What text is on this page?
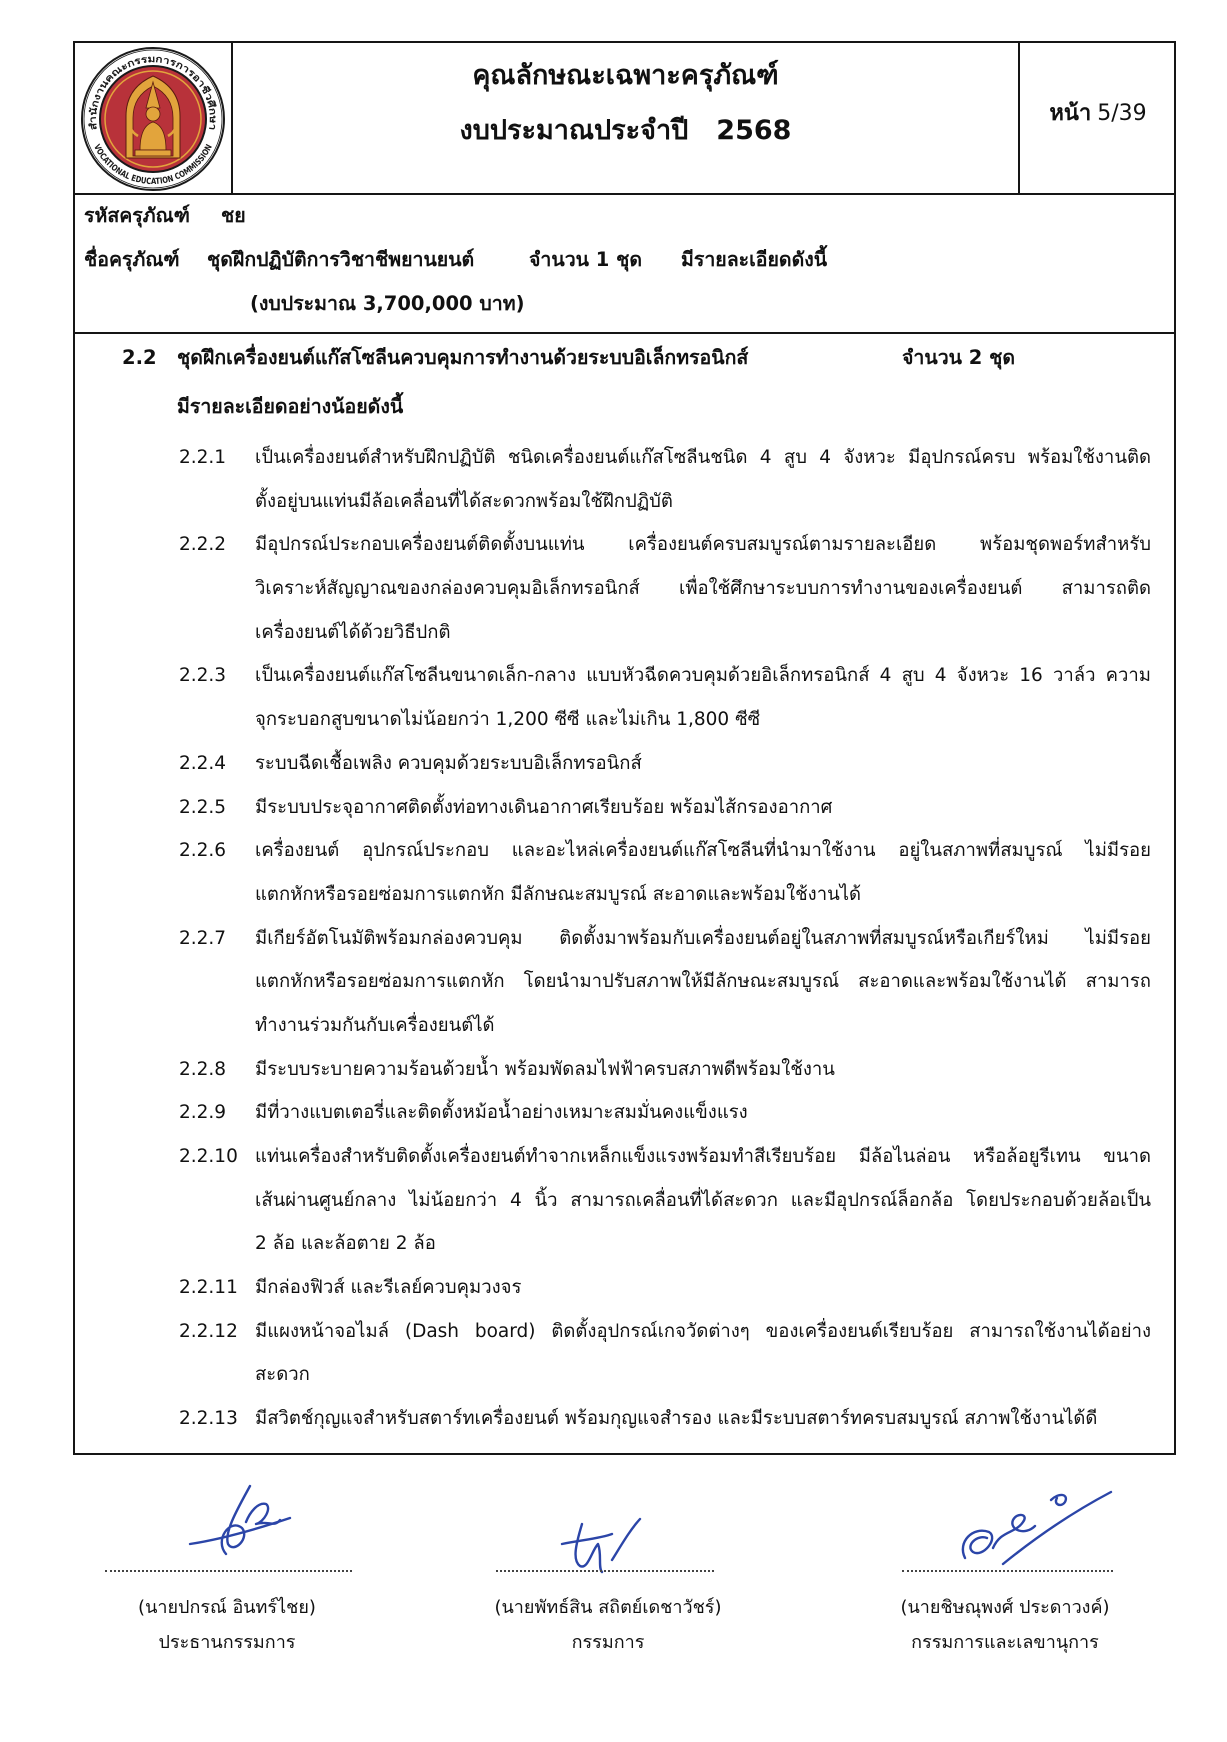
สำนักงานคณะกรรมการการอาชีวศึกษา
VOCATIONAL EDUCATION COMMISSION
คุณลักษณะเฉพาะครุภัณฑ์
งบประมาณประจำปี 2568
หน้า 5/39
รหัสครุภัณฑ์	ชย
ชื่อครุภัณฑ์	ชุดฝึกปฏิบัติการวิชาชีพยานยนต์	จำนวน 1 ชุด	มีรายละเอียดดังนี้
(งบประมาณ 3,700,000 บาท)
2.2	ชุดฝึกเครื่องยนต์แก๊สโซลีนควบคุมการทำงานด้วยระบบอิเล็กทรอนิกส์	จำนวน 2 ชุด
มีรายละเอียดอย่างน้อยดังนี้
2.2.1	เป็นเครื่องยนต์สำหรับฝึกปฏิบัติ ชนิดเครื่องยนต์แก๊สโซลีนชนิด 4 สูบ 4 จังหวะ มีอุปกรณ์ครบ พร้อมใช้งานติด
ตั้งอยู่บนแท่นมีล้อเคลื่อนที่ได้สะดวกพร้อมใช้ฝึกปฏิบัติ
2.2.2	มีอุปกรณ์ประกอบเครื่องยนต์ติดตั้งบนแท่น เครื่องยนต์ครบสมบูรณ์ตามรายละเอียด พร้อมชุดพอร์ทสำหรับ
วิเคราะห์สัญญาณของกล่องควบคุมอิเล็กทรอนิกส์ เพื่อใช้ศึกษาระบบการทำงานของเครื่องยนต์ สามารถติด
เครื่องยนต์ได้ด้วยวิธีปกติ
2.2.3	เป็นเครื่องยนต์แก๊สโซลีนขนาดเล็ก-กลาง แบบหัวฉีดควบคุมด้วยอิเล็กทรอนิกส์ 4 สูบ 4 จังหวะ 16 วาล์ว ความ
จุกระบอกสูบขนาดไม่น้อยกว่า 1,200 ซีซี และไม่เกิน 1,800 ซีซี
2.2.4	ระบบฉีดเชื้อเพลิง ควบคุมด้วยระบบอิเล็กทรอนิกส์
2.2.5	มีระบบประจุอากาศติดตั้งท่อทางเดินอากาศเรียบร้อย พร้อมไส้กรองอากาศ
2.2.6	เครื่องยนต์ อุปกรณ์ประกอบ และอะไหล่เครื่องยนต์แก๊สโซลีนที่นำมาใช้งาน อยู่ในสภาพที่สมบูรณ์ ไม่มีรอย
แตกหักหรือรอยซ่อมการแตกหัก มีลักษณะสมบูรณ์ สะอาดและพร้อมใช้งานได้
2.2.7	มีเกียร์อัตโนมัติพร้อมกล่องควบคุม ติดตั้งมาพร้อมกับเครื่องยนต์อยู่ในสภาพที่สมบูรณ์หรือเกียร์ใหม่ ไม่มีรอย
แตกหักหรือรอยซ่อมการแตกหัก โดยนำมาปรับสภาพให้มีลักษณะสมบูรณ์ สะอาดและพร้อมใช้งานได้ สามารถ
ทำงานร่วมกันกับเครื่องยนต์ได้
2.2.8	มีระบบระบายความร้อนด้วยน้ำ พร้อมพัดลมไฟฟ้าครบสภาพดีพร้อมใช้งาน
2.2.9	มีที่วางแบตเตอรี่และติดตั้งหม้อน้ำอย่างเหมาะสมมั่นคงแข็งแรง
2.2.10 แท่นเครื่องสำหรับติดตั้งเครื่องยนต์ทำจากเหล็กแข็งแรงพร้อมทำสีเรียบร้อย มีล้อไนล่อน หรือล้อยูรีเทน ขนาด
เส้นผ่านศูนย์กลาง ไม่น้อยกว่า 4 นิ้ว สามารถเคลื่อนที่ได้สะดวก และมีอุปกรณ์ล็อกล้อ โดยประกอบด้วยล้อเป็น
2 ล้อ และล้อตาย 2 ล้อ
2.2.11 มีกล่องฟิวส์ และรีเลย์ควบคุมวงจร
2.2.12 มีแผงหน้าจอไมล์ (Dash board) ติดตั้งอุปกรณ์เกจวัดต่างๆ ของเครื่องยนต์เรียบร้อย สามารถใช้งานได้อย่าง
สะดวก
2.2.13 มีสวิตช์กุญแจสำหรับสตาร์ทเครื่องยนต์ พร้อมกุญแจสำรอง และมีระบบสตาร์ทครบสมบูรณ์ สภาพใช้งานได้ดี
(นายปกรณ์ อินทร์ไชย)
ประธานกรรมการ
(นายพัทธ์สิน สถิตย์เดชาวัชร์)
กรรมการ
(นายชิษณุพงศ์ ประดาวงค์)
กรรมการและเลขานุการ
